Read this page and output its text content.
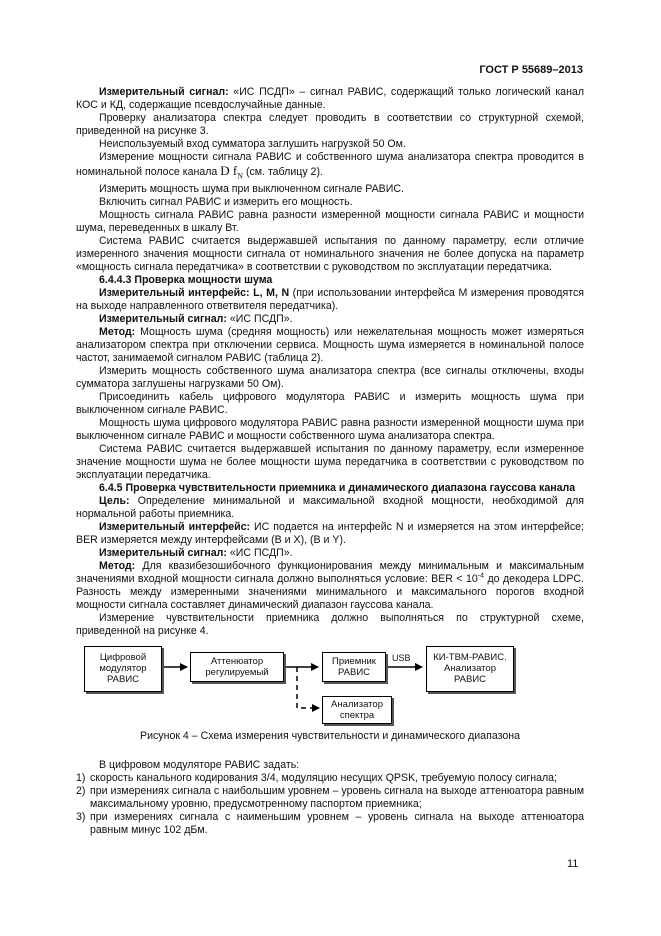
ГОСТ Р 55689–2013

Измерительный сигнал: «ИС ПСДП» – сигнал РАВИС, содержащий только логический канал КОС и КД, содержащие псевдослучайные данные.

Проверку анализатора спектра следует проводить в соответствии со структурной схемой, приведенной на рисунке 3.

Неиспользуемый вход сумматора заглушить нагрузкой 50 Ом.

Измерение мощности сигнала РАВИС и собственного шума анализатора спектра проводится в номинальной полосе канала D $f_N$ (см. таблицу 2).

Измерить мощность шума при выключенном сигнале РАВИС.

Включить сигнал РАВИС и измерить его мощность.

Мощность сигнала РАВИС равна разности измеренной мощности сигнала РАВИС и мощности шума, переведенных в шкалу Вт.

Система РАВИС считается выдержавшей испытания по данному параметру, если отличие измеренного значения мощности сигнала от номинального значения не более допуска на параметр «мощность сигнала передатчика» в соответствии с руководством по эксплуатации передатчика.

6.4.4.3 Проверка мощности шума

Измерительный интерфейс: L, M, N (при использовании интерфейса М измерения проводятся на выходе направленного ответвителя передатчика).

Измерительный сигнал: «ИС ПСДП».

Метод: Мощность шума (средняя мощность) или нежелательная мощность может измеряться анализатором спектра при отключении сервиса. Мощность шума измеряется в номинальной полосе частот, занимаемой сигналом РАВИС (таблица 2).

Измерить мощность собственного шума анализатора спектра (все сигналы отключены, входы сумматора заглушены нагрузками 50 Ом).

Присоединить кабель цифрового модулятора РАВИС и измерить мощность шума при выключенном сигнале РАВИС.

Мощность шума цифрового модулятора РАВИС равна разности измеренной мощности шума при выключенном сигнале РАВИС и мощности собственного шума анализатора спектра.

Система РАВИС считается выдержавшей испытания по данному параметру, если измеренное значение мощности шума не более мощности шума передатчика в соответствии с руководством по эксплуатации передатчика.

6.4.5 Проверка чувствительности приемника и динамического диапазона гауссова канала

Цель: Определение минимальной и максимальной входной мощности, необходимой для нормальной работы приемника.

Измерительный интерфейс: ИС подается на интерфейс N и измеряется на этом интерфейсе; BER измеряется между интерфейсами (B и X), (B и Y).

Измерительный сигнал: «ИС ПСДП».

Метод: Для квазибезошибочного функционирования между минимальным и максимальным значениями входной мощности сигнала должно выполняться условие: BER < $10^{-4}$ до декодера LDPC. Разность между измеренными значениями минимального и максимального порогов входной мощности сигнала составляет динамический диапазон гауссова канала.

Измерение чувствительности приемника должно выполняться по структурной схеме, приведенной на рисунке 4.

Цифровой
модулятор
РАВИС
Аттенюатор
регулируемый
Приемник
РАВИС
USB КИ-ТВМ-РАВИС.
Анализатор
РАВИС
Анализатор
спектра

Рисунок 4 – Схема измерения чувствительности и динамического диапазона

В цифровом модуляторе РАВИС задать:

1) скорость канального кодирования 3/4, модуляцию несущих QPSK, требуемую полосу сигнала;
2) при измерениях сигнала с наибольшим уровнем – уровень сигнала на выходе аттенюатора равным максимальному уровню, предусмотренному паспортом приемника;
3) при измерениях сигнала с наименьшим уровнем – уровень сигнала на выходе аттенюатора равным минус 102 дБм.
11
